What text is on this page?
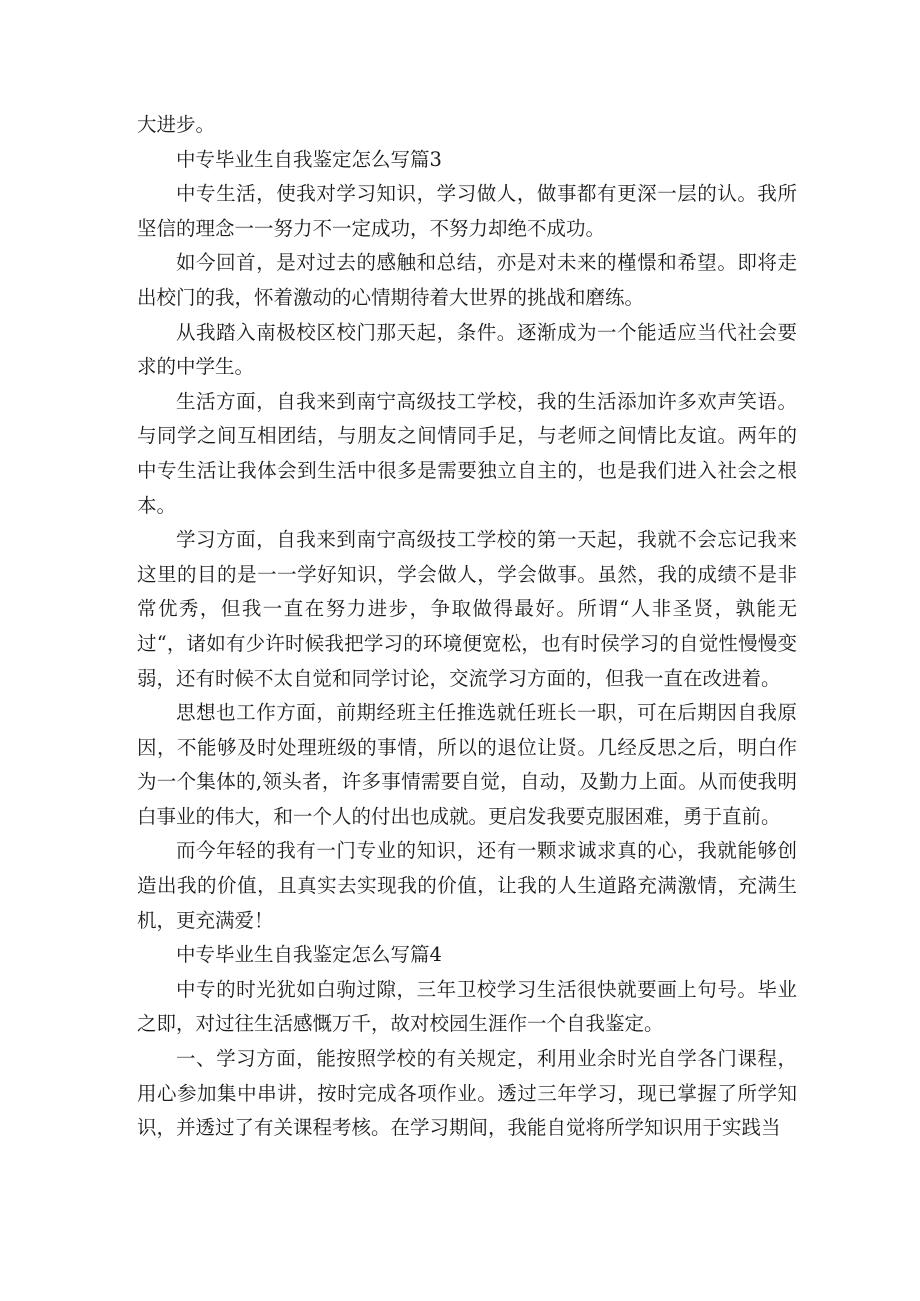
大进步。

中专毕业生自我鉴定怎么写篇3

中专生活，使我对学习知识，学习做人，做事都有更深一层的认。我所坚信的理念一一努力不一定成功，不努力却绝不成功。

如今回首，是对过去的感触和总结，亦是对未来的槿憬和希望。即将走出校门的我，怀着激动的心情期待着大世界的挑战和磨练。

从我踏入南极校区校门那天起，条件。逐渐成为一个能适应当代社会要求的中学生。

生活方面，自我来到南宁高级技工学校，我的生活添加许多欢声笑语。与同学之间互相团结，与朋友之间情同手足，与老师之间情比友谊。两年的中专生活让我体会到生活中很多是需要独立自主的，也是我们进入社会之根本。

学习方面，自我来到南宁高级技工学校的第一天起，我就不会忘记我来这里的目的是一一学好知识，学会做人，学会做事。虽然，我的成绩不是非常优秀，但我一直在努力进步，争取做得最好。所谓“人非圣贤，孰能无过“，诸如有少许时候我把学习的环境便宽松，也有时侯学习的自觉性慢慢变弱，还有时候不太自觉和同学讨论，交流学习方面的，但我一直在改进着。

思想也工作方面，前期经班主任推选就任班长一职，可在后期因自我原因，不能够及时处理班级的事情，所以的退位让贤。几经反思之后，明白作为一个集体的,领头者，许多事情需要自觉，自动，及勤力上面。从而使我明白事业的伟大，和一个人的付出也成就。更启发我要克服困难，勇于直前。

而今年轻的我有一门专业的知识，还有一颗求诚求真的心，我就能够创造出我的价值，且真实去实现我的价值，让我的人生道路充满激情，充满生机，更充满爱！

中专毕业生自我鉴定怎么写篇4

中专的时光犹如白驹过隙，三年卫校学习生活很快就要画上句号。毕业之即，对过往生活感慨万千，故对校园生涯作一个自我鉴定。

一、学习方面，能按照学校的有关规定，利用业余时光自学各门课程，用心参加集中串讲，按时完成各项作业。透过三年学习，现已掌握了所学知识，并透过了有关课程考核。在学习期间，我能自觉将所学知识用于实践当
